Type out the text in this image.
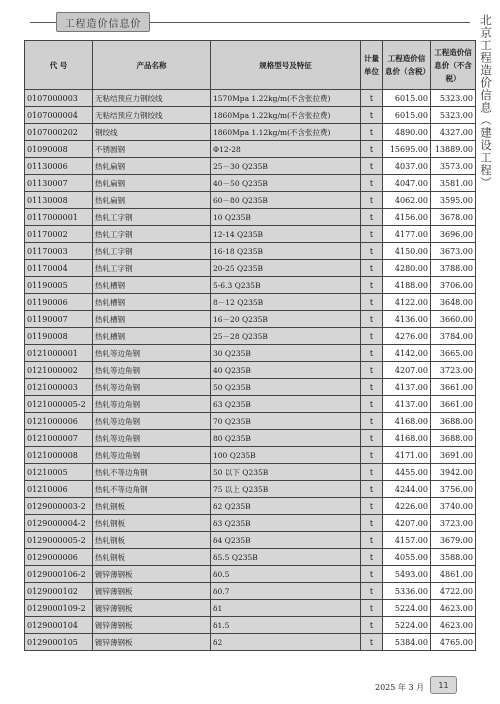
工程造价信息价	北京工程造价信息（建设工程）
代 号	产品名称	规格型号及特征	计量单位	工程造价信息价（含税）	工程造价信息价（不含税）
0107000003	无粘结预应力钢绞线	1570Mpa 1.22kg/m(不含张拉费)	t	6015.00	5323.00
0107000004	无粘结预应力钢绞线	1860Mpa 1.22kg/m(不含张拉费)	t	6015.00	5323.00
0107000202	钢绞线	1860Mpa 1.12kg/m(不含张拉费)	t	4890.00	4327.00
01090008	不锈圆钢	Φ12-28	t	15695.00	13889.00
01130006	热轧扁钢	25－30 Q235B	t	4037.00	3573.00
01130007	热轧扁钢	40－50 Q235B	t	4047.00	3581.00
01130008	热轧扁钢	60－80 Q235B	t	4062.00	3595.00
0117000001	热轧工字钢	10 Q235B	t	4156.00	3678.00
01170002	热轧工字钢	12-14 Q235B	t	4177.00	3696.00
01170003	热轧工字钢	16-18 Q235B	t	4150.00	3673.00
01170004	热轧工字钢	20-25 Q235B	t	4280.00	3788.00
01190005	热轧槽钢	5-6.3 Q235B	t	4188.00	3706.00
01190006	热轧槽钢	8－12 Q235B	t	4122.00	3648.00
01190007	热轧槽钢	16－20 Q235B	t	4136.00	3660.00
01190008	热轧槽钢	25－28 Q235B	t	4276.00	3784.00
0121000001	热轧等边角钢	30 Q235B	t	4142.00	3665.00
0121000002	热轧等边角钢	40 Q235B	t	4207.00	3723.00
0121000003	热轧等边角钢	50 Q235B	t	4137.00	3661.00
0121000005-2	热轧等边角钢	63 Q235B	t	4137.00	3661.00
0121000006	热轧等边角钢	70 Q235B	t	4168.00	3688.00
0121000007	热轧等边角钢	80 Q235B	t	4168.00	3688.00
0121000008	热轧等边角钢	100 Q235B	t	4171.00	3691.00
01210005	热轧不等边角钢	50 以下 Q235B	t	4455.00	3942.00
01210006	热轧不等边角钢	75 以上 Q235B	t	4244.00	3756.00
0129000003-2	热轧钢板	δ2 Q235B	t	4226.00	3740.00
0129000004-2	热轧钢板	δ3 Q235B	t	4207.00	3723.00
0129000005-2	热轧钢板	δ4 Q235B	t	4157.00	3679.00
0129000006	热轧钢板	δ5.5 Q235B	t	4055.00	3588.00
0129000106-2	镀锌薄钢板	δ0.5	t	5493.00	4861.00
0129000102	镀锌薄钢板	δ0.7	t	5336.00	4722.00
0129000109-2	镀锌薄钢板	δ1	t	5224.00	4623.00
0129000104	镀锌薄钢板	δ1.5	t	5224.00	4623.00
0129000105	镀锌薄钢板	δ2	t	5384.00	4765.00
2025 年 3 月	11
